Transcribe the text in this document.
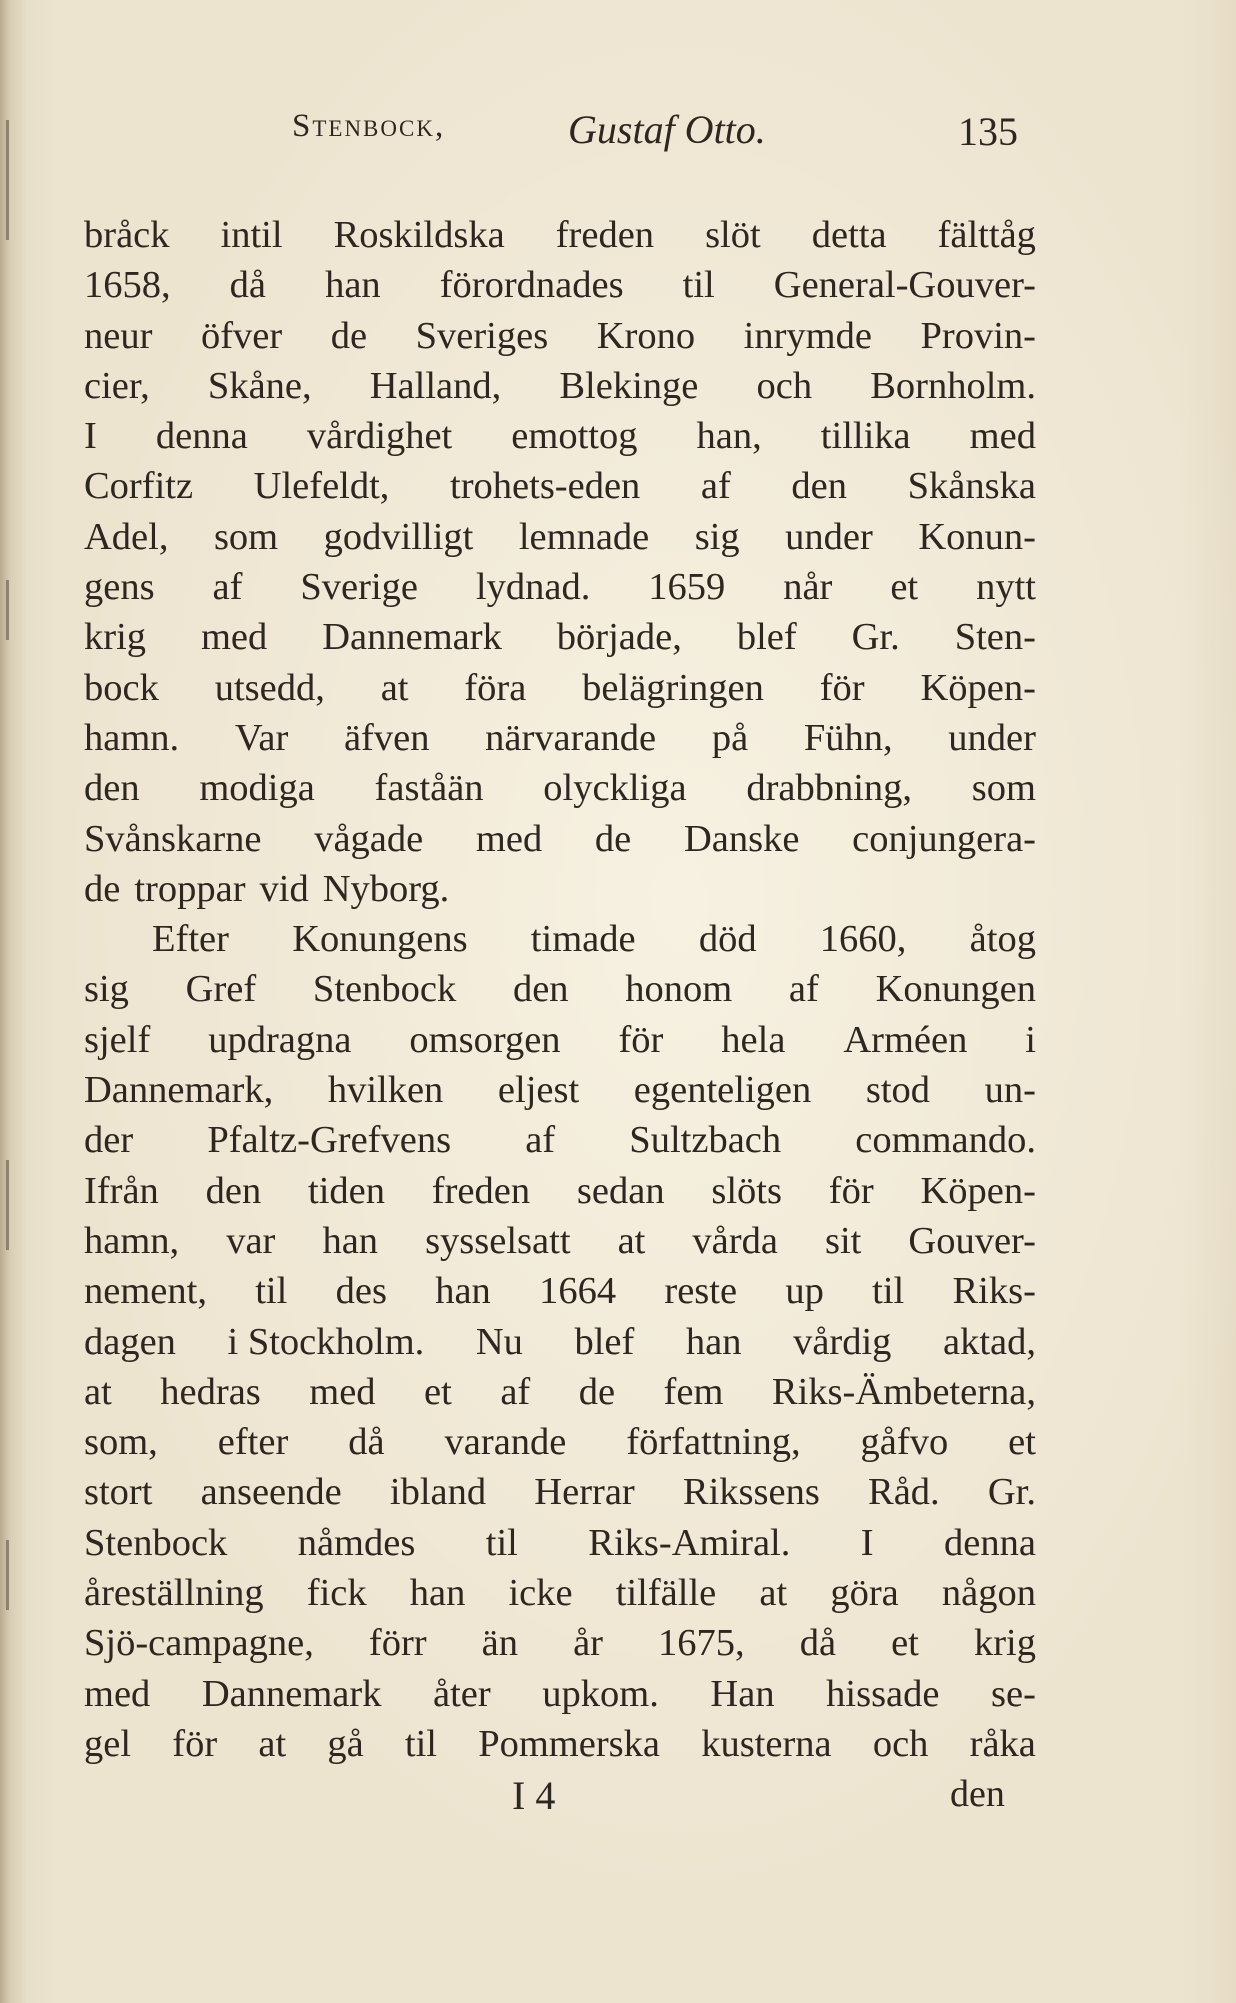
Stenbock,	Gustaf Otto.	135
bråck intil Roskildska freden slöt detta fälttåg
1658, då han förordnades til General-Gouver-
neur öfver de Sveriges Krono inrymde Provin-
cier, Skåne, Halland, Blekinge och Bornholm.
I denna vårdighet emottog han, tillika med
Corfitz Ulefeldt, trohets-eden af den Skånska
Adel, som godvilligt lemnade sig under Konun-
gens af Sverige lydnad. 1659 når et nytt
krig med Dannemark började, blef Gr. Sten-
bock utsedd, at föra belägringen för Köpen-
hamn. Var äfven närvarande på Fühn, under
den modiga faståän olyckliga drabbning, som
Svånskarne vågade med de Danske conjungera-
de troppar vid Nyborg.
Efter Konungens timade död 1660, åtog
sig Gref Stenbock den honom af Konungen
sjelf updragna omsorgen för hela Arméen i
Dannemark, hvilken eljest egenteligen stod un-
der Pfaltz-Grefvens af Sultzbach commando.
Ifrån den tiden freden sedan slöts för Köpen-
hamn, var han sysselsatt at vårda sit Gouver-
nement, til des han 1664 reste up til Riks-
dagen i Stockholm. Nu blef han vårdig aktad,
at hedras med et af de fem Riks-Ämbeterna,
som, efter då varande författning, gåfvo et
stort anseende ibland Herrar Rikssens Råd. Gr.
Stenbock nåmdes til Riks-Amiral. I denna
åreställning fick han icke tilfälle at göra någon
Sjö-campagne, förr än år 1675, då et krig
med Dannemark åter upkom. Han hissade se-
gel för at gå til Pommerska kusterna och råka
I 4	den
